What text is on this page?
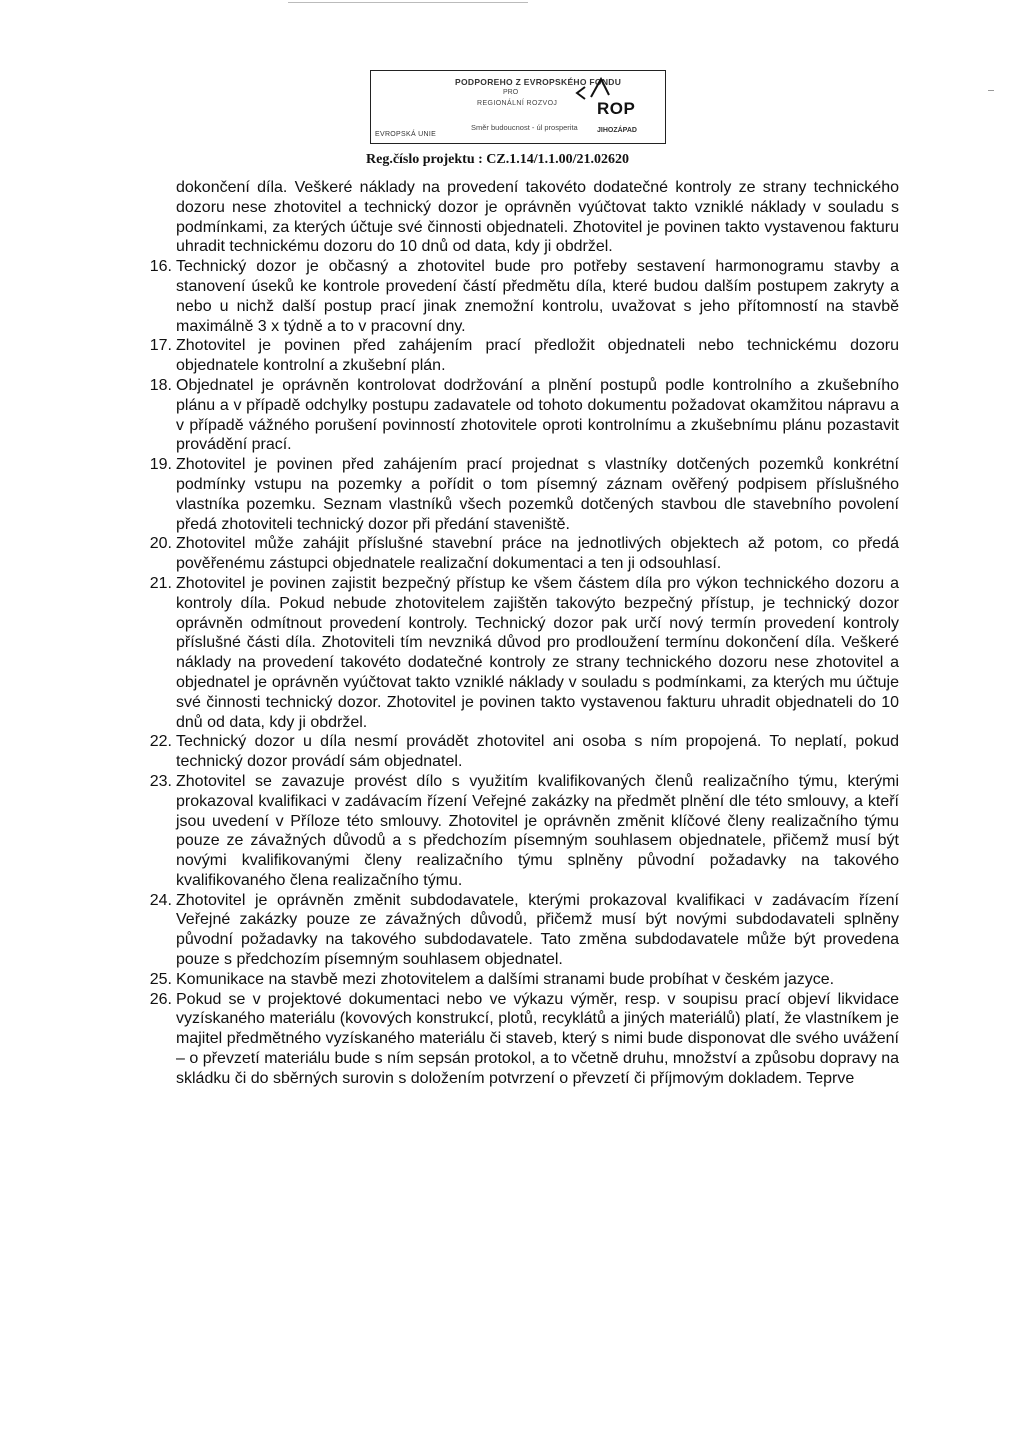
PODPOREHO Z EVROPSKÉHO FONDU
PRO
REGIONÁLNÍ ROZVOJ
Směr budoucnost - úl prosperita
EVROPSKÁ UNIE
ROP
JIHOZÁPAD
Reg.číslo projektu : CZ.1.14/1.1.00/21.02620

dokončení díla. Veškeré náklady na provedení takovéto dodatečné kontroly ze strany technického dozoru nese zhotovitel a technický dozor je oprávněn vyúčtovat takto vzniklé náklady v souladu s podmínkami, za kterých účtuje své činnosti objednateli. Zhotovitel je povinen takto vystavenou fakturu uhradit technickému dozoru do 10 dnů od data, kdy ji obdržel.

16. Technický dozor je občasný a zhotovitel bude pro potřeby sestavení harmonogramu stavby a stanovení úseků ke kontrole provedení částí předmětu díla, které budou dalším postupem zakryty a nebo u nichž další postup prací jinak znemožní kontrolu, uvažovat s jeho přítomností na stavbě maximálně 3 x týdně a to v pracovní dny.

17. Zhotovitel je povinen před zahájením prací předložit objednateli nebo technickému dozoru objednatele kontrolní a zkušební plán.

18. Objednatel je oprávněn kontrolovat dodržování a plnění postupů podle kontrolního a zkušebního plánu a v případě odchylky postupu zadavatele od tohoto dokumentu požadovat okamžitou nápravu a v případě vážného porušení povinností zhotovitele oproti kontrolnímu a zkušebnímu plánu pozastavit provádění prací.

19. Zhotovitel je povinen před zahájením prací projednat s vlastníky dotčených pozemků konkrétní podmínky vstupu na pozemky a pořídit o tom písemný záznam ověřený podpisem příslušného vlastníka pozemku. Seznam vlastníků všech pozemků dotčených stavbou dle stavebního povolení předá zhotoviteli technický dozor při předání staveniště.

20. Zhotovitel může zahájit příslušné stavební práce na jednotlivých objektech až potom, co předá pověřenému zástupci objednatele realizační dokumentaci a ten ji odsouhlasí.

21. Zhotovitel je povinen zajistit bezpečný přístup ke všem částem díla pro výkon technického dozoru a kontroly díla. Pokud nebude zhotovitelem zajištěn takovýto bezpečný přístup, je technický dozor oprávněn odmítnout provedení kontroly. Technický dozor pak určí nový termín provedení kontroly příslušné části díla. Zhotoviteli tím nevzniká důvod pro prodloužení termínu dokončení díla. Veškeré náklady na provedení takovéto dodatečné kontroly ze strany technického dozoru nese zhotovitel a objednatel je oprávněn vyúčtovat takto vzniklé náklady v souladu s podmínkami, za kterých mu účtuje své činnosti technický dozor. Zhotovitel je povinen takto vystavenou fakturu uhradit objednateli do 10 dnů od data, kdy ji obdržel.

22. Technický dozor u díla nesmí provádět zhotovitel ani osoba s ním propojená. To neplatí, pokud technický dozor provádí sám objednatel.

23. Zhotovitel se zavazuje provést dílo s využitím kvalifikovaných členů realizačního týmu, kterými prokazoval kvalifikaci v zadávacím řízení Veřejné zakázky na předmět plnění dle této smlouvy, a kteří jsou uvedení v Příloze této smlouvy. Zhotovitel je oprávněn změnit klíčové členy realizačního týmu pouze ze závažných důvodů a s předchozím písemným souhlasem objednatele, přičemž musí být novými kvalifikovanými členy realizačního týmu splněny původní požadavky na takového kvalifikovaného člena realizačního týmu.

24. Zhotovitel je oprávněn změnit subdodavatele, kterými prokazoval kvalifikaci v zadávacím řízení Veřejné zakázky pouze ze závažných důvodů, přičemž musí být novými subdodavateli splněny původní požadavky na takového subdodavatele. Tato změna subdodavatele může být provedena pouze s předchozím písemným souhlasem objednatel.

25. Komunikace na stavbě mezi zhotovitelem a dalšími stranami bude probíhat v českém jazyce.

26. Pokud se v projektové dokumentaci nebo ve výkazu výměr, resp. v soupisu prací objeví likvidace vyzískaného materiálu (kovových konstrukcí, plotů, recyklátů a jiných materiálů) platí, že vlastníkem je majitel předmětného vyzískaného materiálu či staveb, který s nimi bude disponovat dle svého uvážení – o převzetí materiálu bude s ním sepsán protokol, a to včetně druhu, množství a způsobu dopravy na skládku či do sběrných surovin s doložením potvrzení o převzetí či příjmovým dokladem. Teprve
